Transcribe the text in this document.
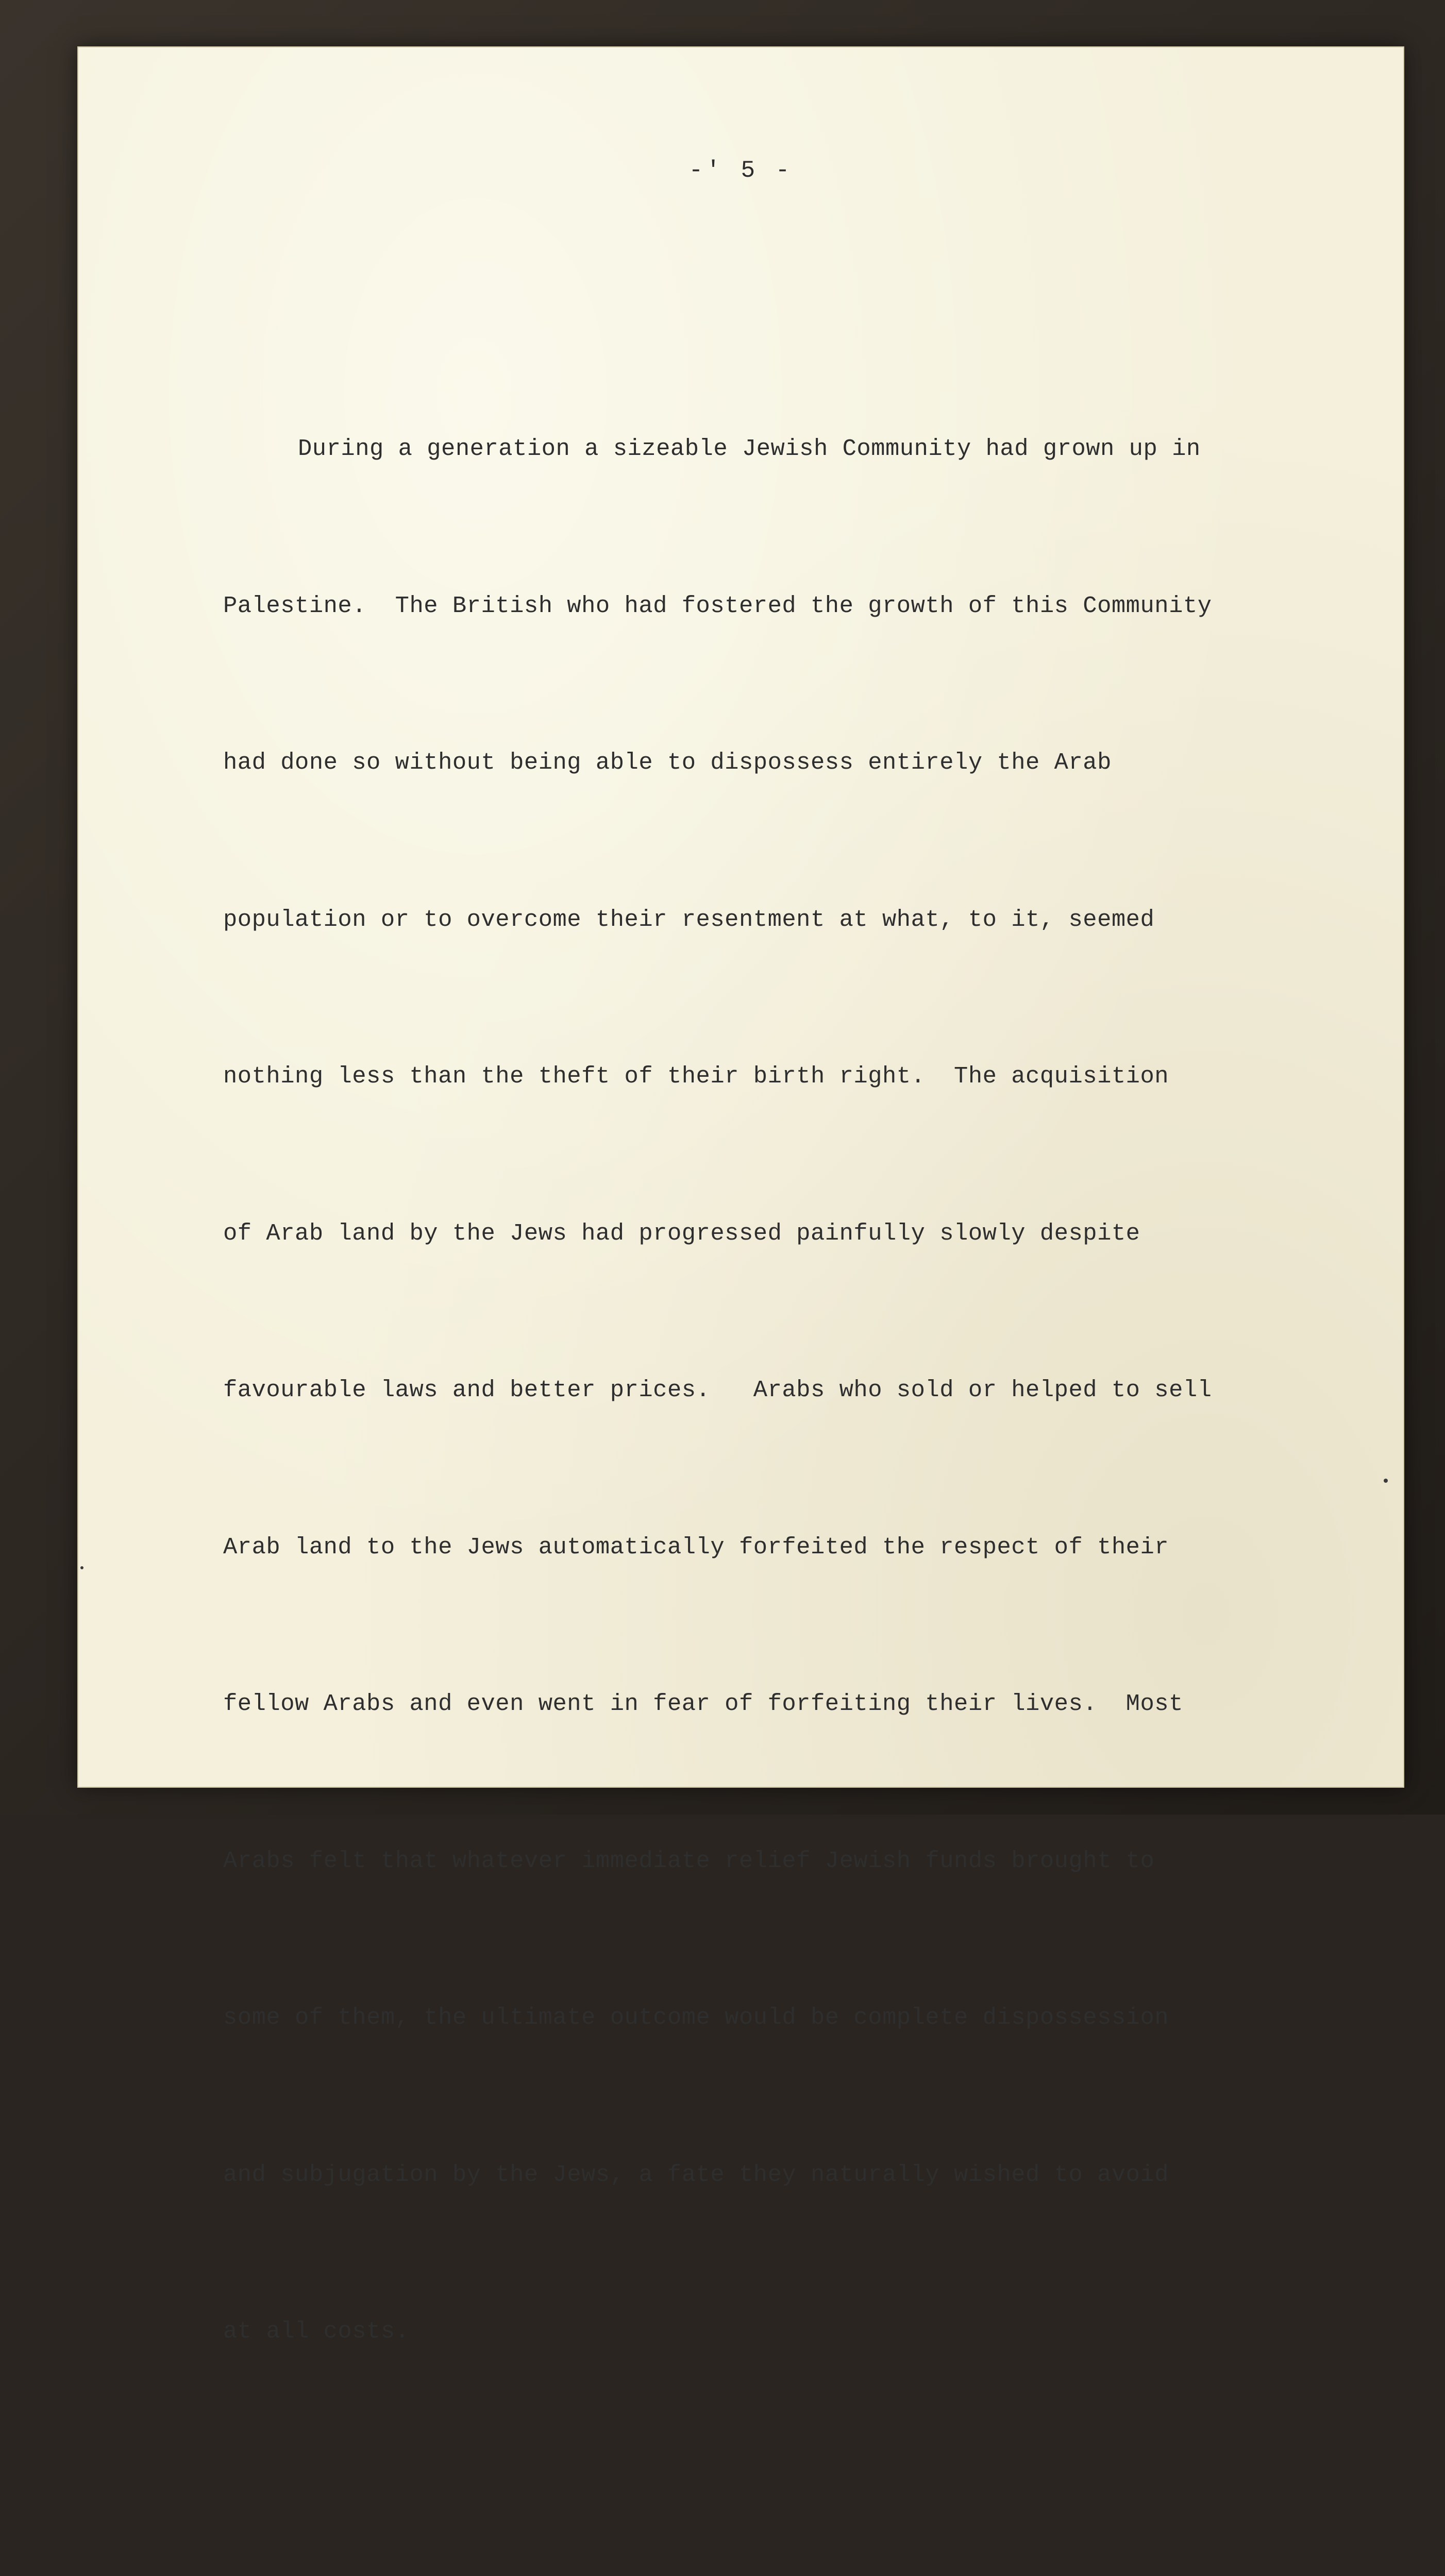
-' 5 -

During a generation a sizeable Jewish Community had grown up in

Palestine.  The British who had fostered the growth of this Community

had done so without being able to dispossess entirely the Arab

population or to overcome their resentment at what, to it, seemed

nothing less than the theft of their birth right.  The acquisition

of Arab land by the Jews had progressed painfully slowly despite

favourable laws and better prices.   Arabs who sold or helped to sell

Arab land to the Jews automatically forfeited the respect of their

fellow Arabs and even went in fear of forfeiting their lives.  Most

Arabs felt that whatever immediate relief Jewish funds brought to

some of them, the ultimate outcome would be complete dispossession

and subjugation by the Jews, a fate they naturally wished to avoid

at all costs.
